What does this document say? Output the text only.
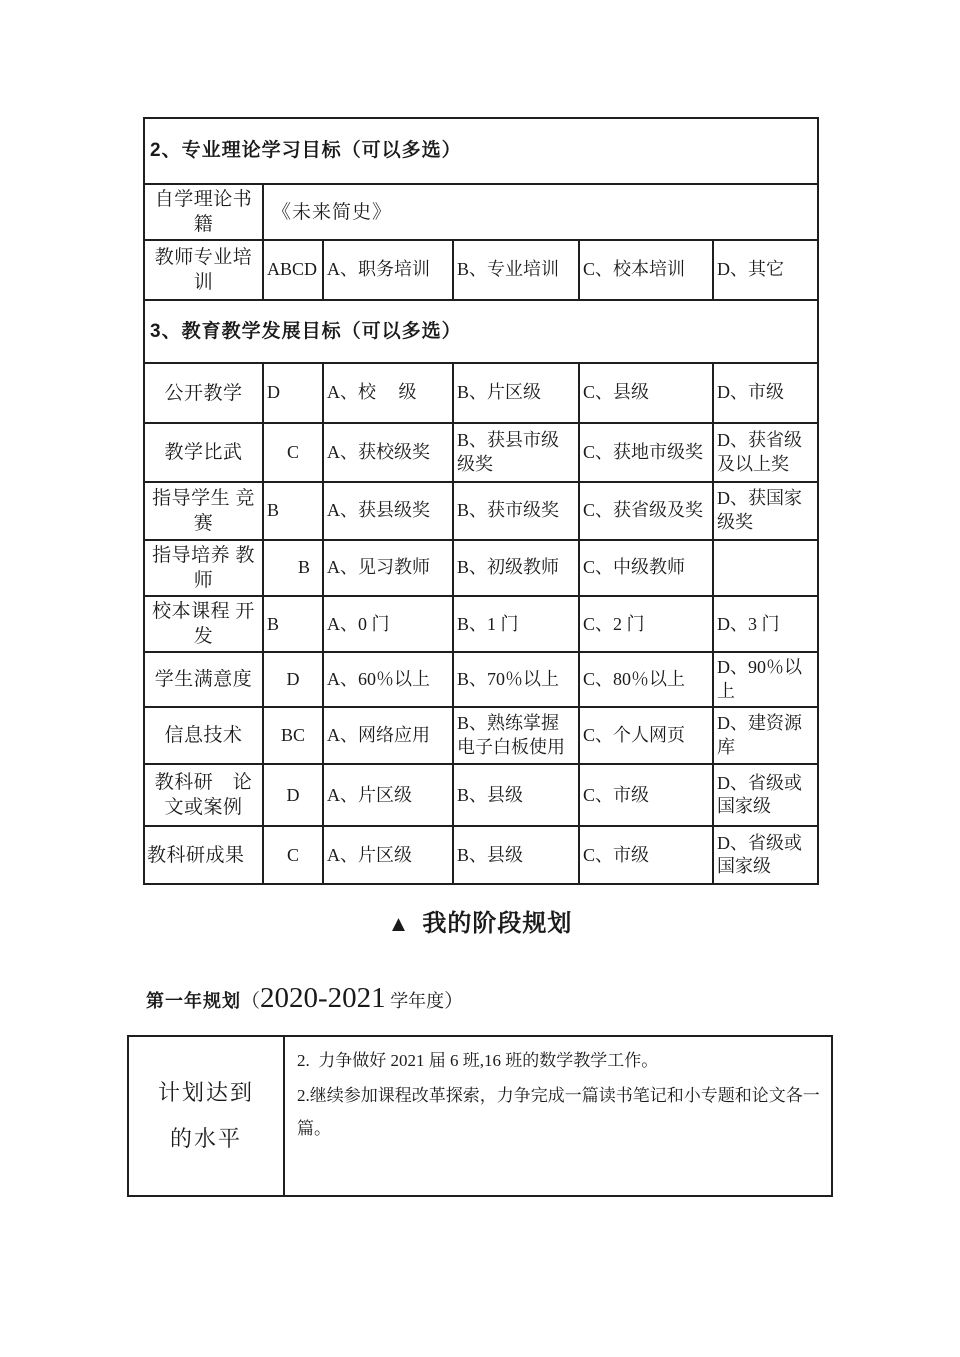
2、专业理论学习目标（可以多选）					
自学理论书籍	《未来简史》				
教师专业培训	ABCD	A、职务培训	B、专业培训	C、校本培训	D、其它
3、教育教学发展目标（可以多选）					
公开教学	D	A、校　 级	B、片区级	C、县级	D、市级
教学比武	C	A、获校级奖	B、获县市级级奖	C、获地市级奖	D、获省级及以上奖
指导学生 竞赛	B	A、获县级奖	B、获市级奖	C、获省级及奖	D、获国家级奖
指导培养 教师	B	A、见习教师	B、初级教师	C、中级教师	
校本课程 开发	B	A、0 门	B、1 门	C、2 门	D、3 门
学生满意度	D	A、60％以上	B、70％以上	C、80％以上	D、90％以上
信息技术	BC	A、网络应用	B、熟练掌握电子白板使用	C、个人网页	D、建资源库
教科研　论文或案例	D	A、片区级	B、县级	C、市级	D、省级或国家级
教科研成果	C	A、片区级	B、县级	C、市级	D、省级或国家级
▲ 我的阶段规划
第一年规划（2020-2021 学年度）
计划达到
的水平

2.  力争做好 2021 届 6 班,16 班的数学教学工作。

2.继续参加课程改革探索，力争完成一篇读书笔记和小专题和论文各一篇。
